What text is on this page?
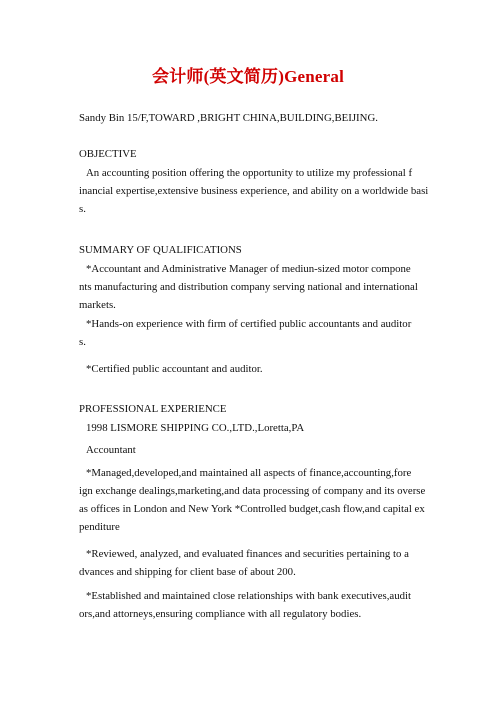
会计师(英文简历)General
Sandy Bin 15/F,TOWARD ,BRIGHT CHINA,BUILDING,BEIJING.
OBJECTIVE
An accounting position offering the opportunity to utilize my professional f
inancial expertise,extensive business experience, and ability on a worldwide basi
s.
SUMMARY OF QUALIFICATIONS
*Accountant and Administrative Manager of mediun-sized motor compone
nts manufacturing and distribution company serving national and international
markets.
*Hands-on experience with firm of certified public accountants and auditor
s.
*Certified public accountant and auditor.
PROFESSIONAL EXPERIENCE
1998 LISMORE SHIPPING CO.,LTD.,Loretta,PA
Accountant
*Managed,developed,and maintained all aspects of finance,accounting,fore
ign exchange dealings,marketing,and data processing of company and its overse
as offices in London and New York *Controlled budget,cash flow,and capital ex
penditure
*Reviewed, analyzed, and evaluated finances and securities pertaining to a
dvances and shipping for client base of about 200.
*Established and maintained close relationships with bank executives,audit
ors,and attorneys,ensuring compliance with all regulatory bodies.
